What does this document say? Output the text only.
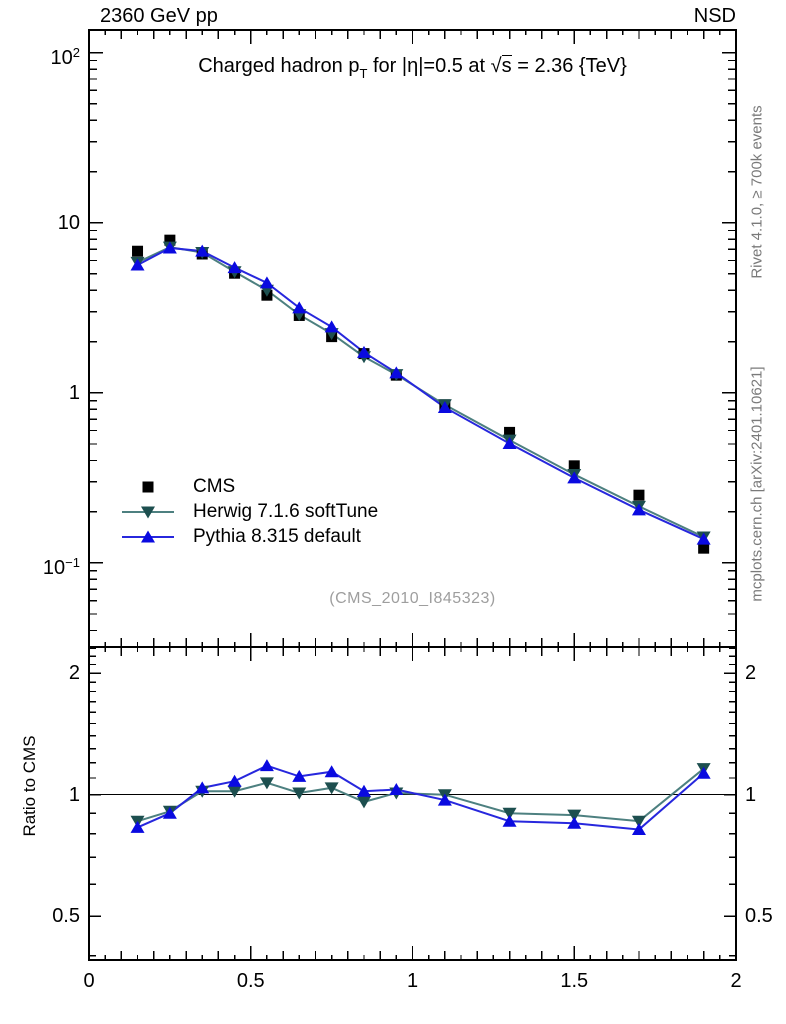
2360 GeV pp	NSD
Charged hadron $p_T$ for |η|=0.5 at √s = 2.36 {TeV}
CMS
Herwig 7.1.6 softTune
Pythia 8.315 default
(CMS_2010_I845323)
Rivet 4.1.0, ≥ 700k events
mcplots.cern.ch [arXiv:2401.10621]
Ratio to CMS
$10^2$
10
1
$10^{-1}$
2	2
1	1
0.5	0.5
0	0.5	1	1.5	2
